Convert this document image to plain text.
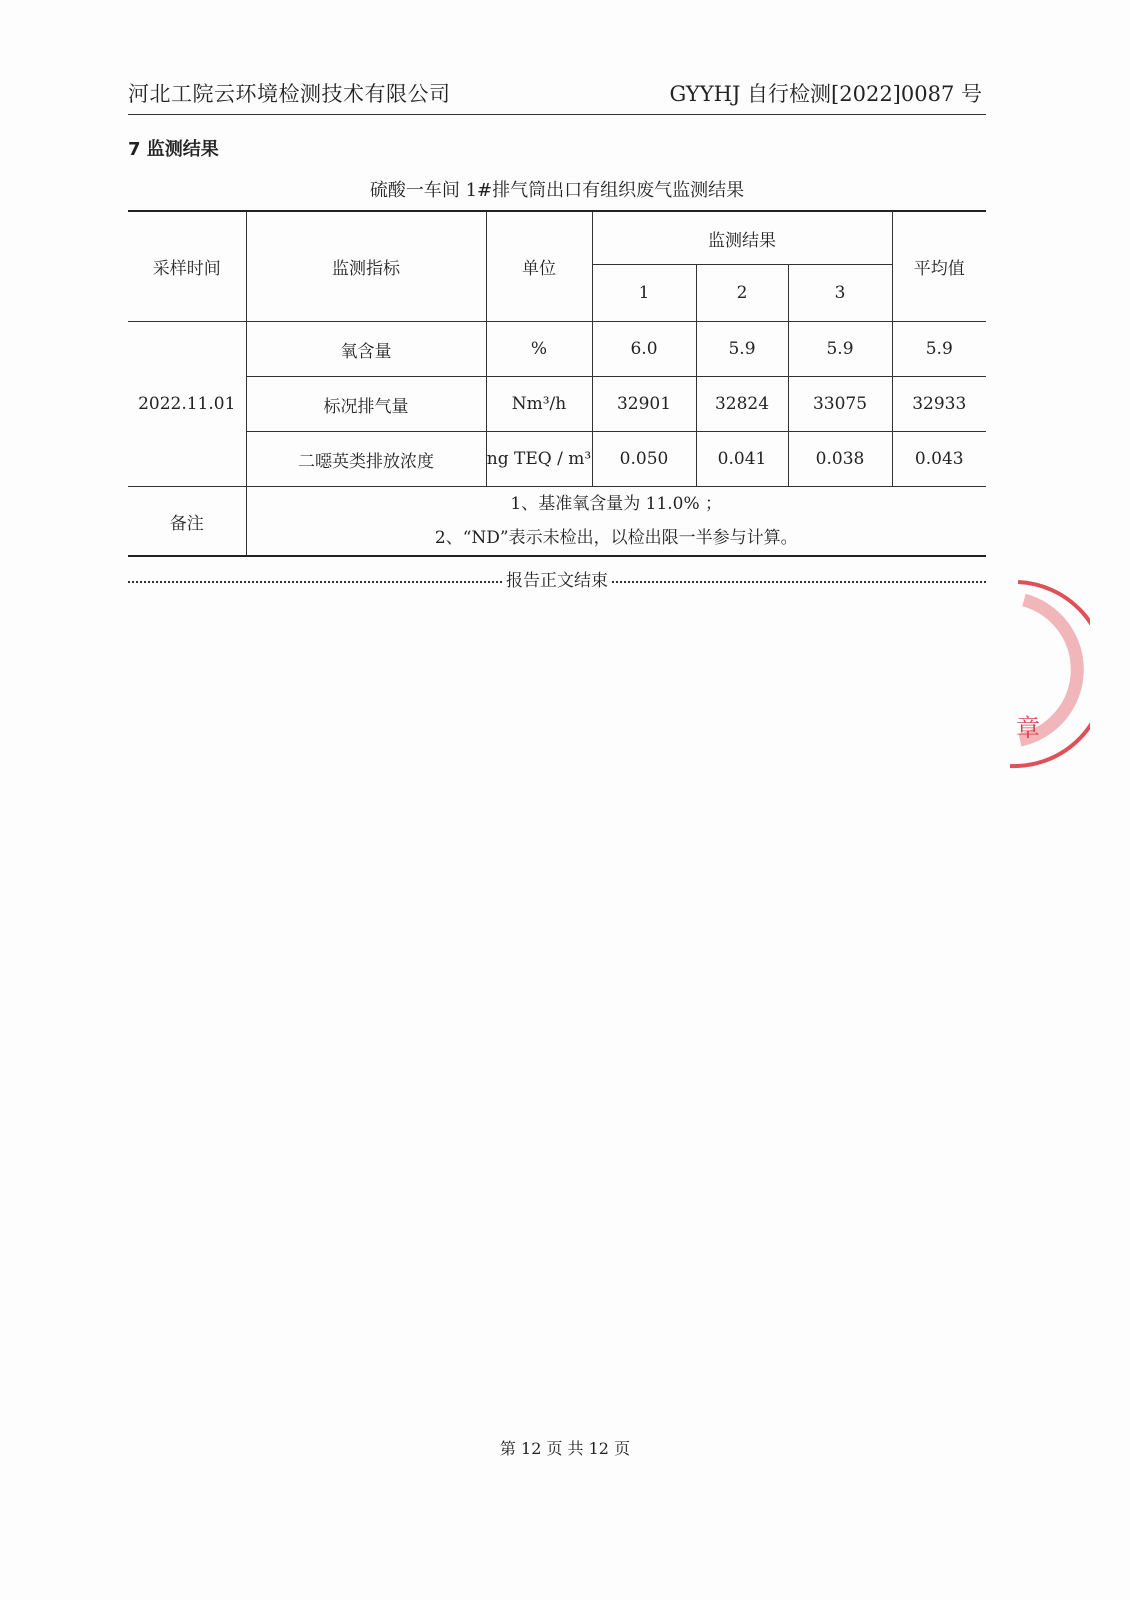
河北工院云环境检测技术有限公司	GYYHJ 自行检测[2022]0087 号
7 监测结果
硫酸一车间 1#排气筒出口有组织废气监测结果
采样时间	监测指标	单位	监测结果			平均值
			1	2	3	
2022.11.01	氧含量	%	6.0	5.9	5.9	5.9
	标况排气量	Nm³/h	32901	32824	33075	32933
	二噁英类排放浓度	ng TEQ / m³	0.050	0.041	0.038	0.043
备注	1、基准氧含量为 11.0% ；
2、“ND”表示未检出，以检出限一半参与计算。					
报告正文结束
章
第 12 页 共 12 页
